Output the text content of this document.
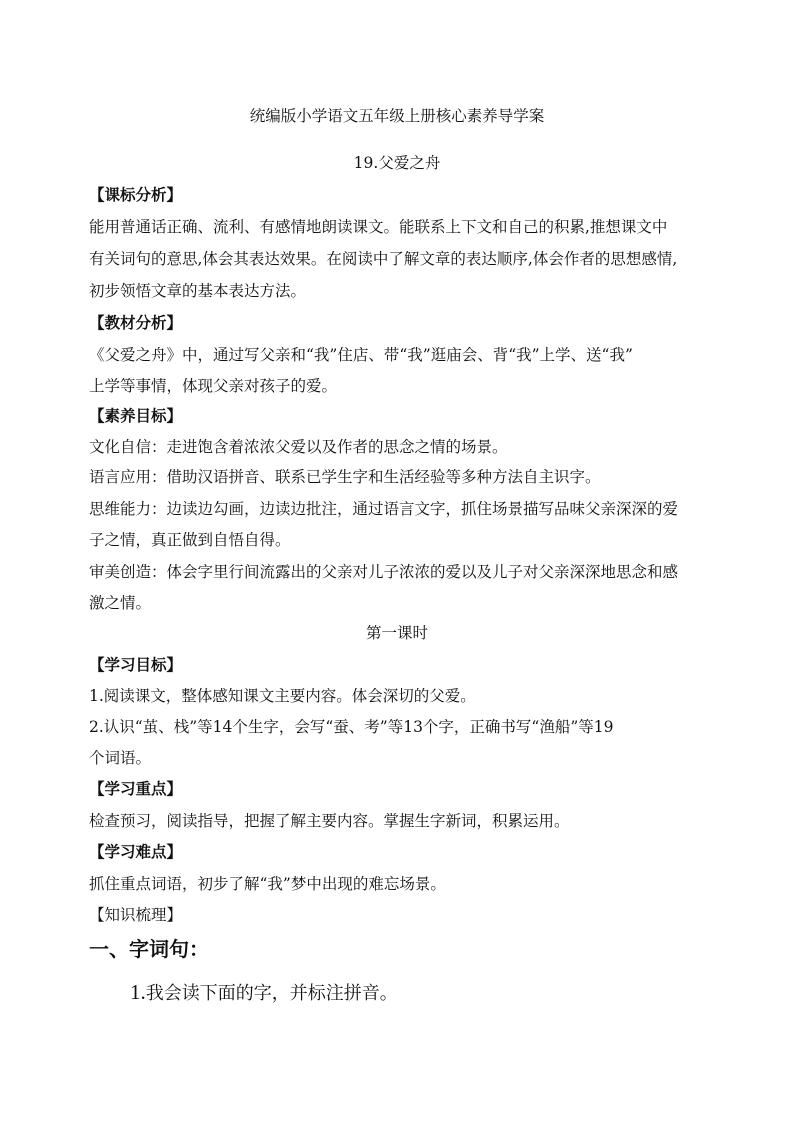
统编版小学语文五年级上册核心素养导学案
19.父爱之舟
【课标分析】
能用普通话正确、流利、有感情地朗读课文。能联系上下文和自己的积累,推想课文中
有关词句的意思,体会其表达效果。在阅读中了解文章的表达顺序,体会作者的思想感情,
初步领悟文章的基本表达方法。
【教材分析】
《父爱之舟》中，通过写父亲和“我”住店、带“我”逛庙会、背“我”上学、送“我”
上学等事情，体现父亲对孩子的爱。
【素养目标】
文化自信：走进饱含着浓浓父爱以及作者的思念之情的场景。
语言应用：借助汉语拼音、联系已学生字和生活经验等多种方法自主识字。
思维能力：边读边勾画，边读边批注，通过语言文字，抓住场景描写品味父亲深深的爱
子之情，真正做到自悟自得。
审美创造：体会字里行间流露出的父亲对儿子浓浓的爱以及儿子对父亲深深地思念和感
激之情。
第一课时
【学习目标】
1.阅读课文，整体感知课文主要内容。体会深切的父爱。
2.认识“茧、栈”等14个生字，会写“蚕、考”等13个字，正确书写“渔船”等19
个词语。
【学习重点】
检查预习，阅读指导，把握了解主要内容。掌握生字新词，积累运用。
【学习难点】
抓住重点词语，初步了解“我”梦中出现的难忘场景。
【知识梳理】
一、字词句：
1.我会读下面的字，并标注拼音。
